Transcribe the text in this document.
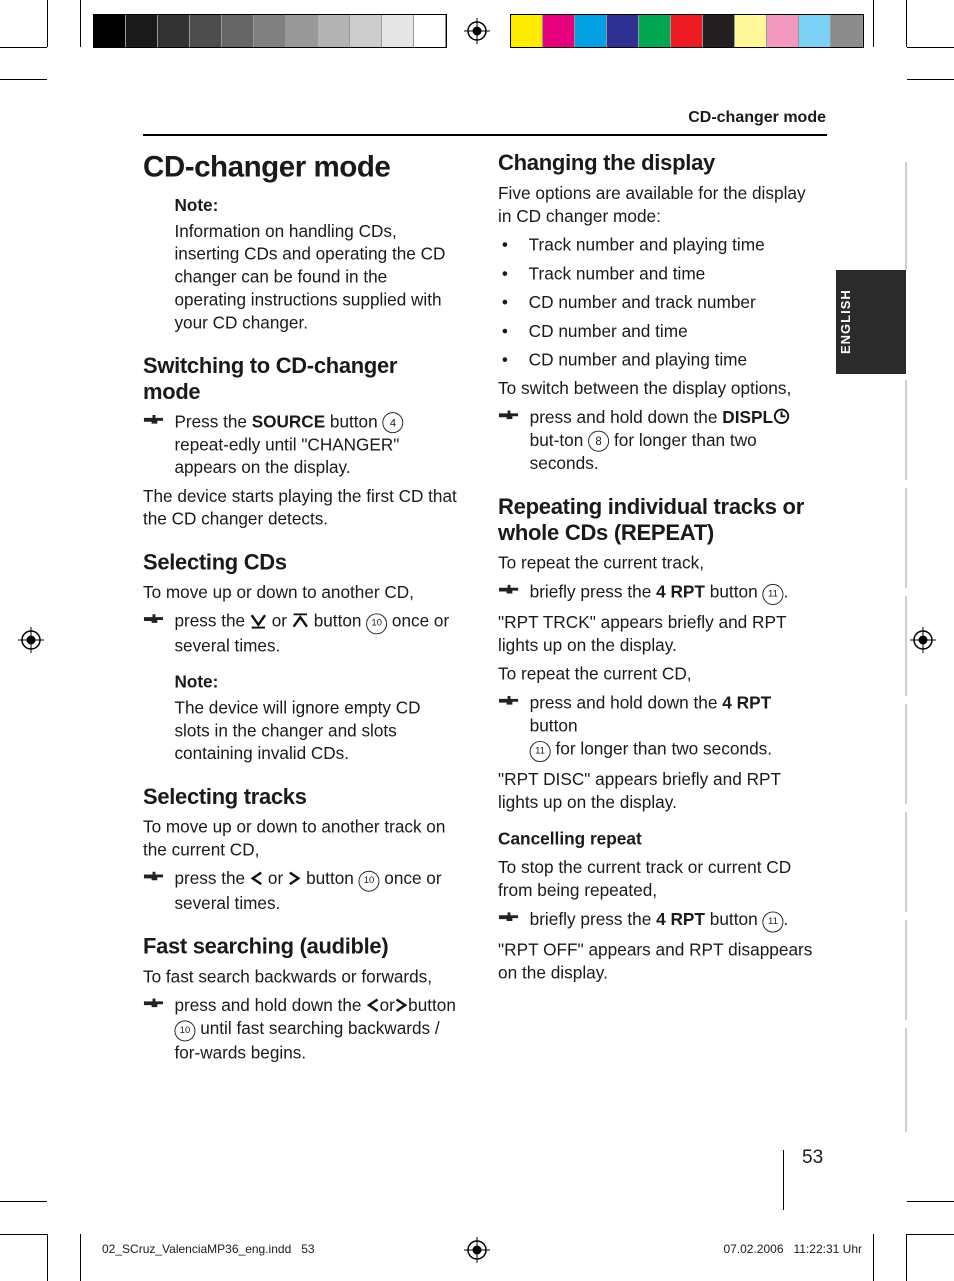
CD-changer mode
ENGLISH
53
CD-changer mode
Note:
Information on handling CDs, inserting CDs and operating the CD changer can be found in the operating instructions supplied with your CD changer.
Switching to CD-changer mode
Press the SOURCE button 4 repeat-edly until "CHANGER" appears on the display.
The device starts playing the first CD that the CD changer detects.
Selecting CDs
To move up or down to another CD,
press the  or  button 10 once or several times.
Note:
The device will ignore empty CD slots in the changer and slots containing invalid CDs.
Selecting tracks
To move up or down to another track on the current CD,
press the  or  button 10 once or several times.
Fast searching (audible)
To fast search backwards or forwards,
press and hold down the or button 10 until fast searching backwards / for-wards begins.
Changing the display
Five options are available for the display in CD changer mode:
• Track number and playing time
• Track number and time
• CD number and track number
• CD number and time
• CD number and playing time
To switch between the display options,
press and hold down the DISPL but-ton 8 for longer than two seconds.
Repeating individual tracks or whole CDs (REPEAT)
To repeat the current track,
briefly press the 4 RPT button 11 .
"RPT TRCK" appears briefly and RPT lights up on the display.
To repeat the current CD,
press and hold down the 4 RPT button
11 for longer than two seconds.
"RPT DISC" appears briefly and RPT lights up on the display.
Cancelling repeat
To stop the current track or current CD from being repeated,
briefly press the 4 RPT button 11 .
"RPT OFF" appears and RPT disappears on the display.
02_SCruz_ValenciaMP36_eng.indd   53	07.02.2006   11:22:31 Uhr
